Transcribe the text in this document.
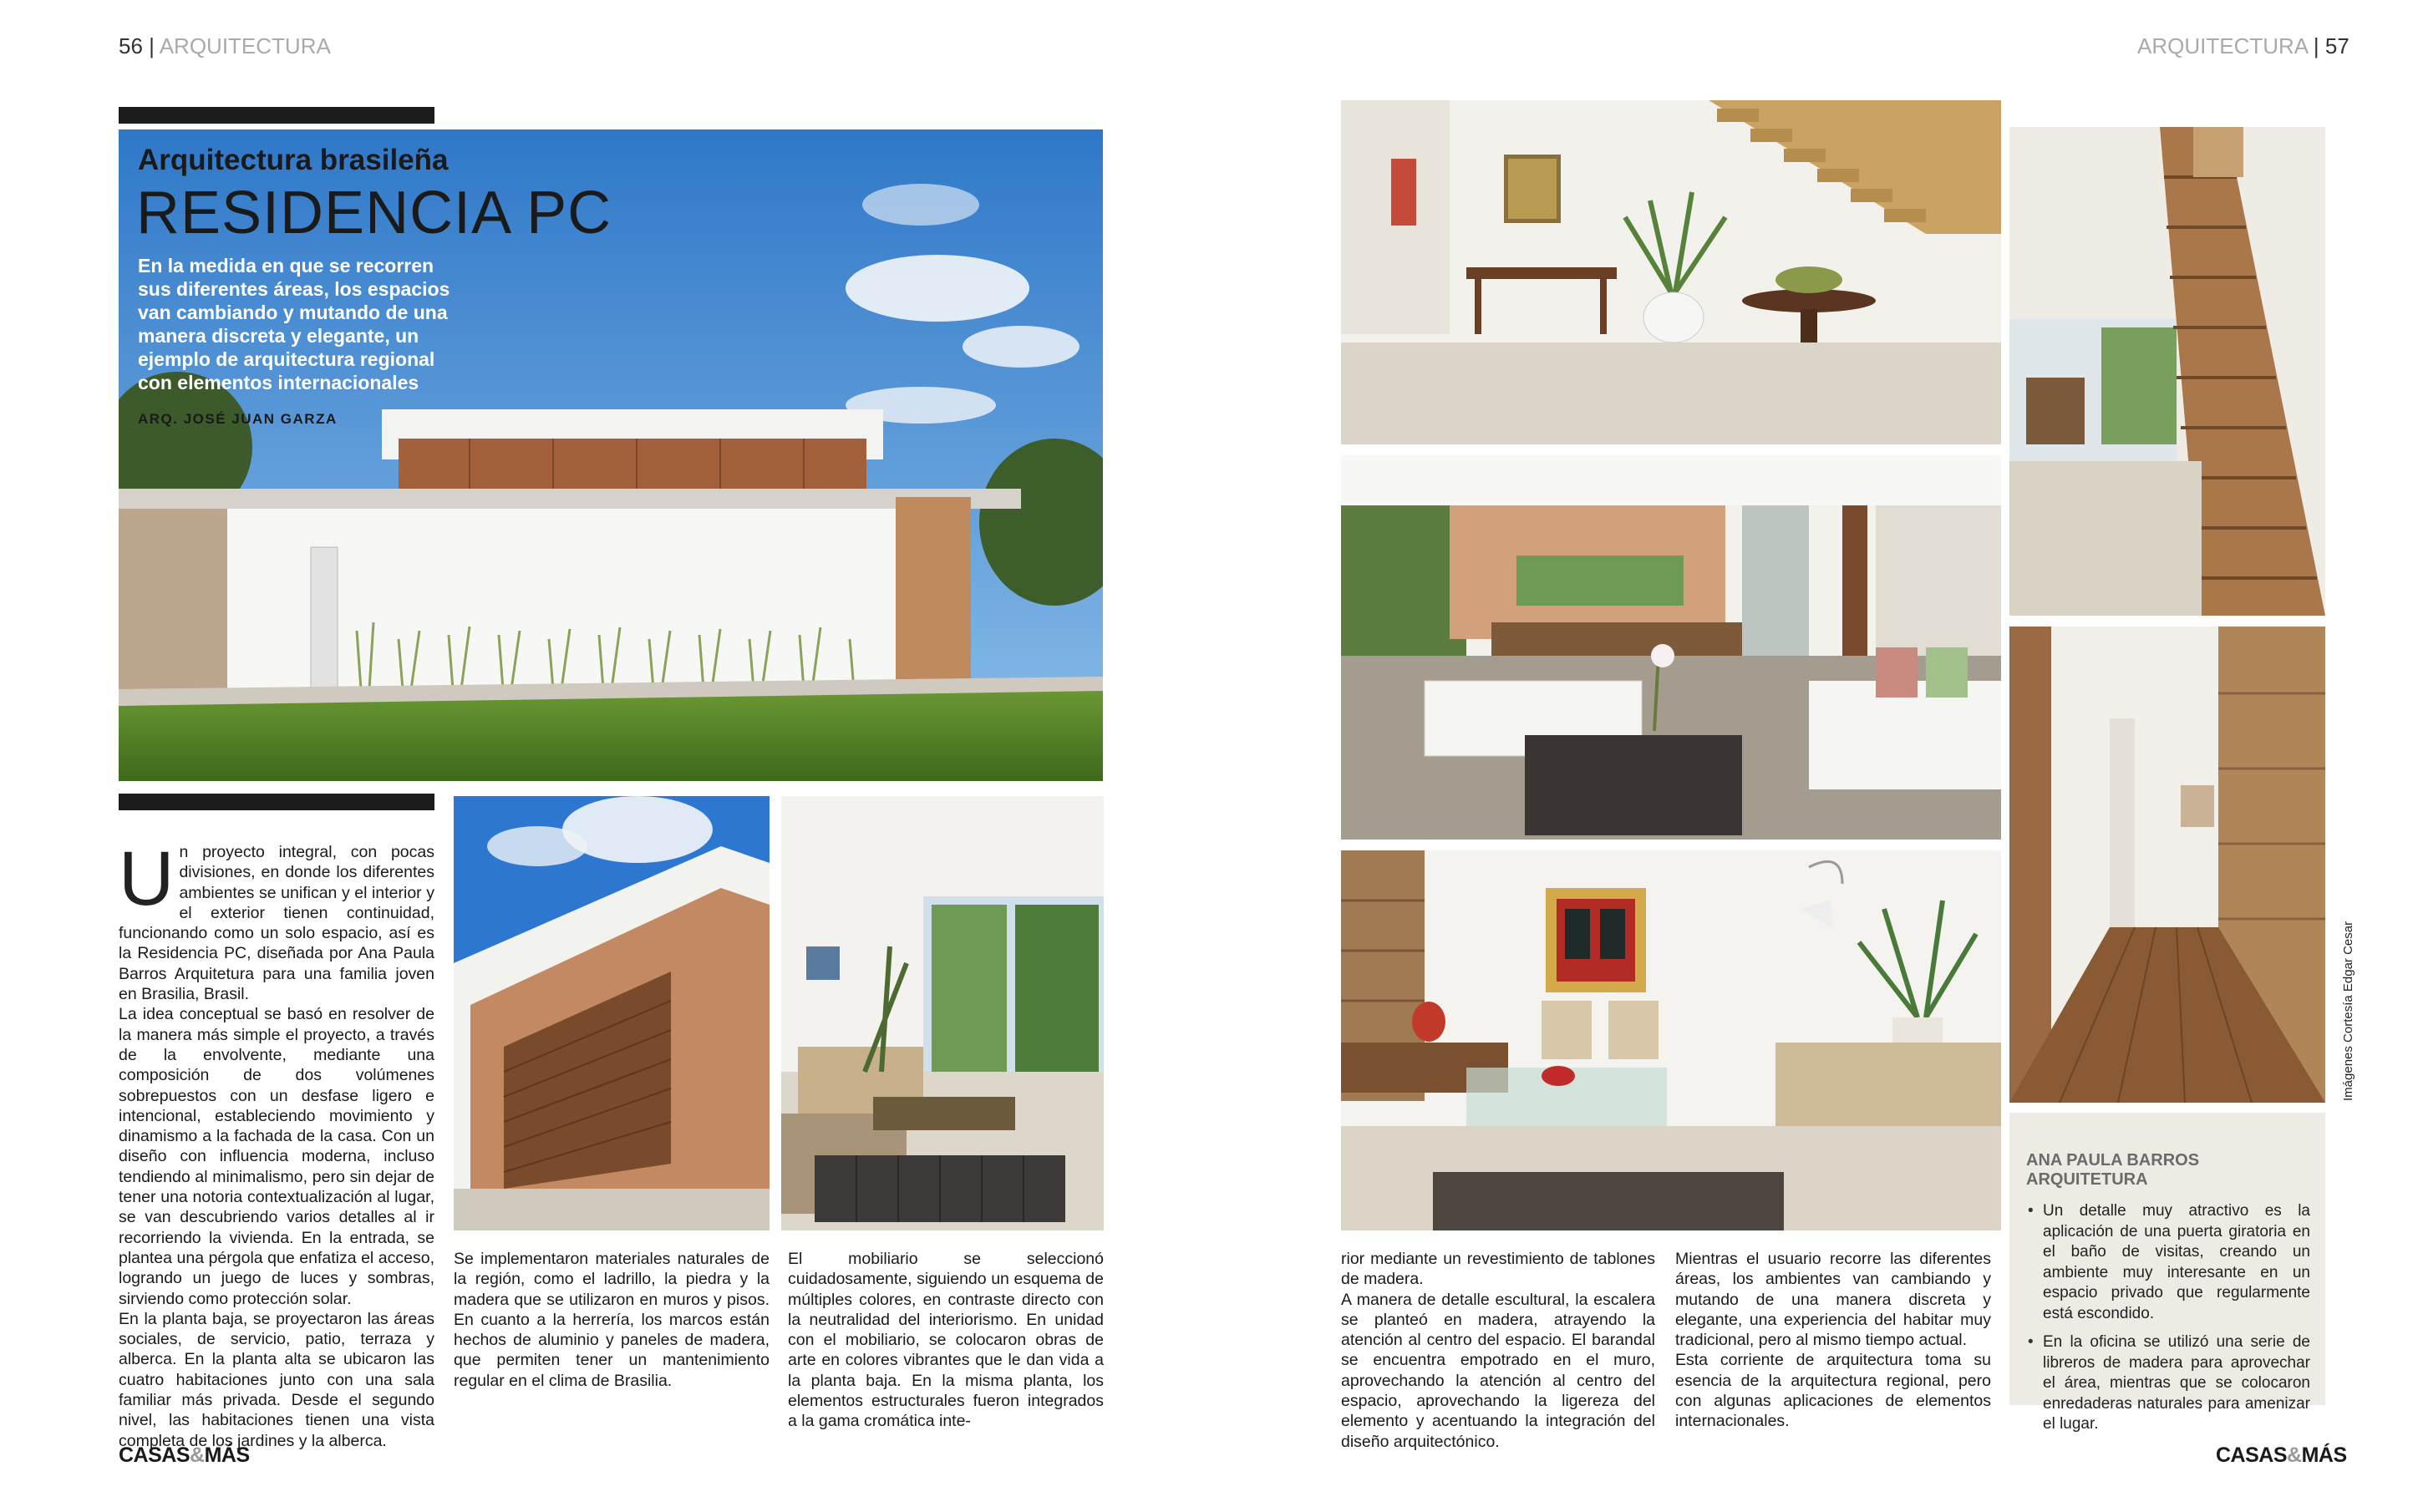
56 | ARQUITECTURA
Arquitectura brasileña
RESIDENCIA PC
En la medida en que se recorren sus diferentes áreas, los espacios van cambiando y mutando de una manera discreta y elegante, un ejemplo de arquitectura regional con elementos internacionales
ARQ. JOSÉ JUAN GARZA

Un proyecto integral, con pocas divisiones, en donde los diferentes ambientes se unifican y el interior y el exterior tienen continuidad, funcionando como un solo espacio, así es la Residencia PC, diseñada por Ana Paula Barros Arquitetura para una familia joven en Brasilia, Brasil.

La idea conceptual se basó en resolver de la manera más simple el proyecto, a través de la envolvente, mediante una composición de dos volúmenes sobrepuestos con un desfase ligero e intencional, estableciendo movimiento y dinamismo a la fachada de la casa. Con un diseño con influencia moderna, incluso tendiendo al minimalismo, pero sin dejar de tener una notoria contextualización al lugar, se van descubriendo varios detalles al ir recorriendo la vivienda. En la entrada, se plantea una pérgola que enfatiza el acceso, logrando un juego de luces y sombras, sirviendo como protección solar.

En la planta baja, se proyectaron las áreas sociales, de servicio, patio, terraza y alberca. En la planta alta se ubicaron las cuatro habitaciones junto con una sala familiar más privada. Desde el segundo nivel, las habitaciones tienen una vista completa de los jardines y la alberca.

Se implementaron materiales naturales de la región, como el ladrillo, la piedra y la madera que se utilizaron en muros y pisos. En cuanto a la herrería, los marcos están hechos de aluminio y paneles de madera, que permiten tener un mantenimiento regular en el clima de Brasilia.

El mobiliario se seleccionó cuidadosamente, siguiendo un esquema de múltiples colores, en contraste directo con la neutralidad del interiorismo. En unidad con el mobiliario, se colocaron obras de arte en colores vibrantes que le dan vida a la planta baja. En la misma planta, los elementos estructurales fueron integrados a la gama cromática inte-

CASAS&MÁS
ARQUITECTURA | 57
Imágenes Cortesía Edgar Cesar

rior mediante un revestimiento de tablones de madera.

A manera de detalle escultural, la escalera se planteó en madera, atrayendo la atención al centro del espacio. El barandal se encuentra empotrado en el muro, aprovechando la atención al centro del espacio, aprovechando la ligereza del elemento y acentuando la integración del diseño arquitectónico.

Mientras el usuario recorre las diferentes áreas, los ambientes van cambiando y mutando de una manera discreta y elegante, una experiencia del habitar muy tradicional, pero al mismo tiempo actual.

Esta corriente de arquitectura toma su esencia de la arquitectura regional, pero con algunas aplicaciones de elementos internacionales.

ANA PAULA BARROS ARQUITETURA
• Un detalle muy atractivo es la aplicación de una puerta giratoria en el baño de visitas, creando un ambiente muy interesante en un espacio privado que regularmente está escondido.
• En la oficina se utilizó una serie de libreros de madera para aprovechar el área, mientras que se colocaron enredaderas naturales para amenizar el lugar.
CASAS&MÁS
